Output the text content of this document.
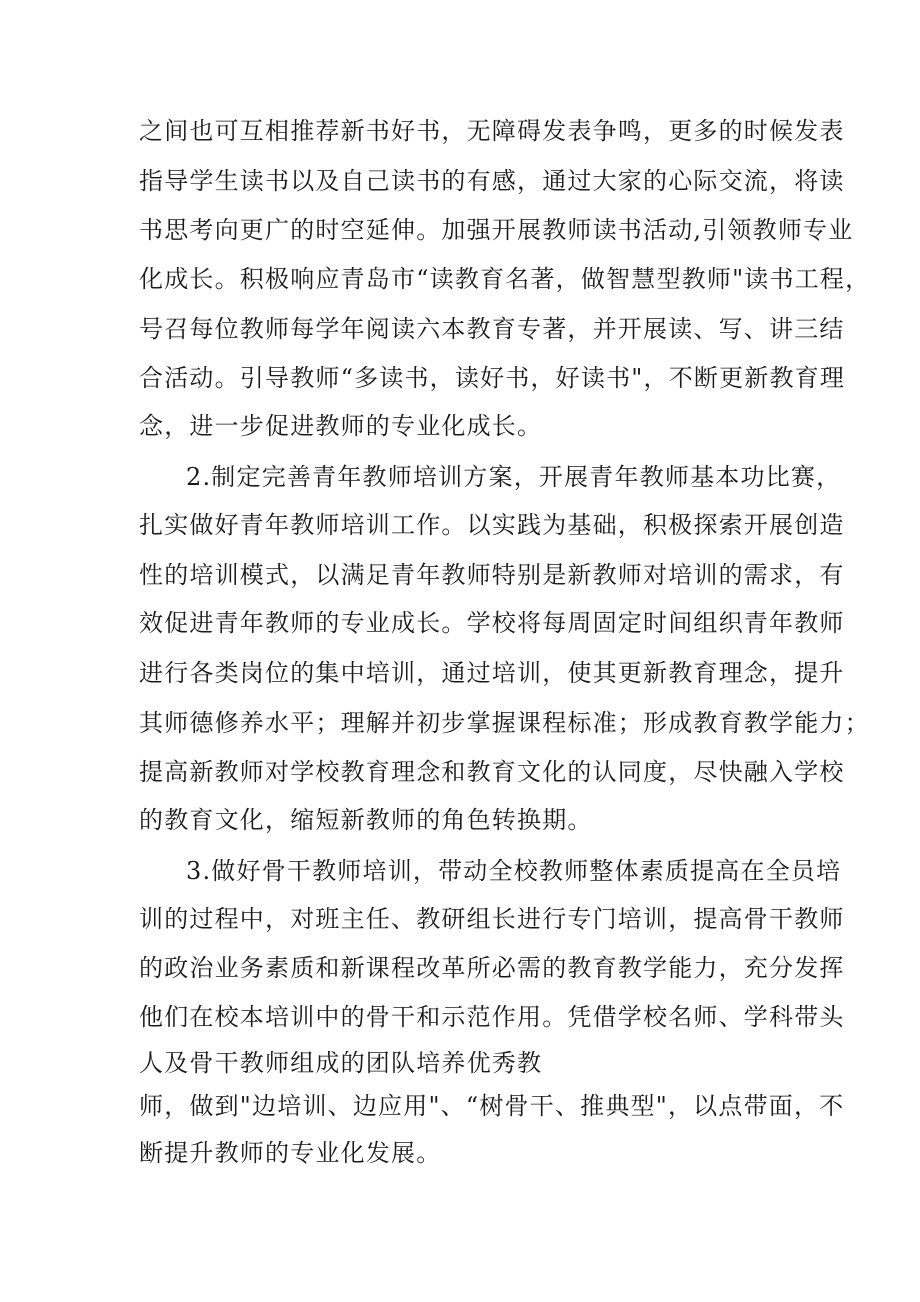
之间也可互相推荐新书好书，无障碍发表争鸣，更多的时候发表
指导学生读书以及自己读书的有感，通过大家的心际交流，将读
书思考向更广的时空延伸。加强开展教师读书活动,引领教师专业
化成长。积极响应青岛市“读教育名著，做智慧型教师"读书工程，
号召每位教师每学年阅读六本教育专著，并开展读、写、讲三结
合活动。引导教师“多读书，读好书，好读书"，不断更新教育理
念，进一步促进教师的专业化成长。
2.制定完善青年教师培训方案，开展青年教师基本功比赛，
扎实做好青年教师培训工作。以实践为基础，积极探索开展创造
性的培训模式，以满足青年教师特别是新教师对培训的需求，有
效促进青年教师的专业成长。学校将每周固定时间组织青年教师
进行各类岗位的集中培训，通过培训，使其更新教育理念，提升
其师德修养水平；理解并初步掌握课程标准；形成教育教学能力；
提高新教师对学校教育理念和教育文化的认同度，尽快融入学校
的教育文化，缩短新教师的角色转换期。
3.做好骨干教师培训，带动全校教师整体素质提高在全员培
训的过程中，对班主任、教研组长进行专门培训，提高骨干教师
的政治业务素质和新课程改革所必需的教育教学能力，充分发挥
他们在校本培训中的骨干和示范作用。凭借学校名师、学科带头
人及骨干教师组成的团队培养优秀教
师，做到"边培训、边应用"、“树骨干、推典型"，以点带面，不
断提升教师的专业化发展。
